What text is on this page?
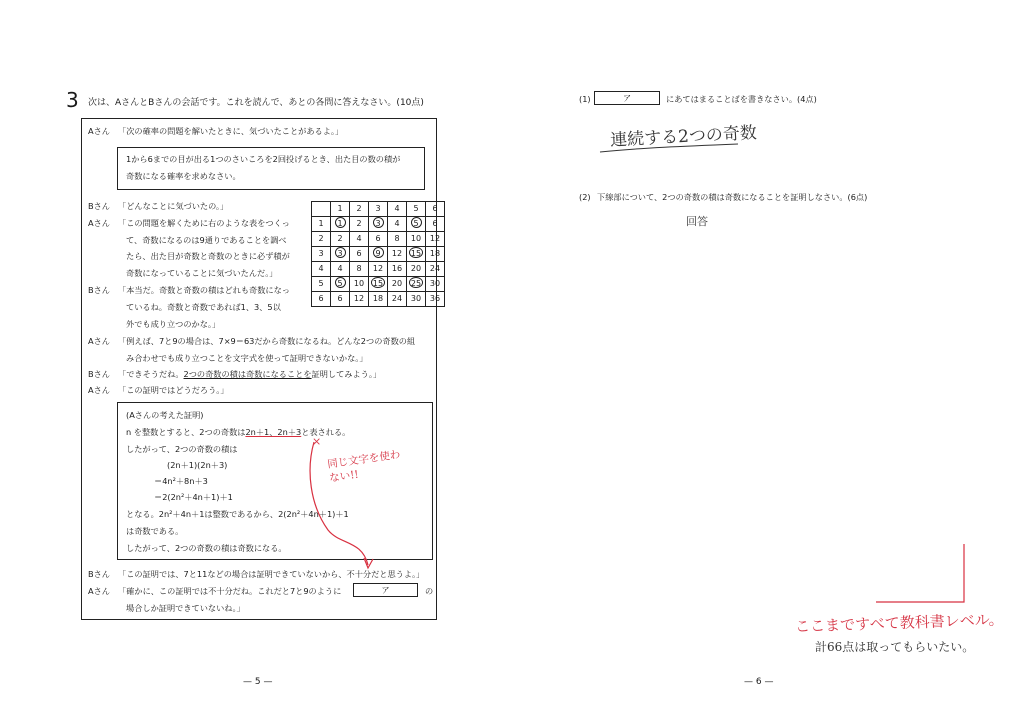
3 次は、AさんとBさんの会話です。これを読んで、あとの各問に答えなさい。(10点)
Aさん 「次の確率の問題を解いたときに、気づいたことがあるよ。」
1から6までの目が出る1つのさいころを2回投げるとき、出た目の数の積が
奇数になる確率を求めなさい。
Bさん 「どんなことに気づいたの。」
Aさん 「この問題を解くために右のような表をつくっ
て、奇数になるのは9通りであることを調べ
たら、出た目が奇数と奇数のときに必ず積が
奇数になっていることに気づいたんだ。」
Bさん 「本当だ。奇数と奇数の積はどれも奇数になっ
ているね。奇数と奇数であれば1、3、5以
外でも成り立つのかな。」
	1	2	3	4	5	6
1	1	2	3	4	5	6
2	2	4	6	8	10	12
3	3	6	9	12	15	18
4	4	8	12	16	20	24
5	5	10	15	20	25	30
6	6	12	18	24	30	36
Aさん 「例えば、7と9の場合は、7×9＝63だから奇数になるね。どんな2つの奇数の組
み合わせでも成り立つことを文字式を使って証明できないかな。」
Bさん 「できそうだね。2つの奇数の積は奇数になることを証明してみよう。」
Aさん 「この証明ではどうだろう。」
(Aさんの考えた証明)
n を整数とすると、2つの奇数は2n＋1、2n＋3と表される。
したがって、2つの奇数の積は
(2n＋1)(2n＋3)
＝4n²＋8n＋3
＝2(2n²＋4n＋1)＋1
となる。2n²＋4n＋1は整数であるから、2(2n²＋4n＋1)＋1
は奇数である。
したがって、2つの奇数の積は奇数になる。
×
同じ文字を使わない!!
Bさん 「この証明では、7と11などの場合は証明できていないから、不十分だと思うよ。」
Aさん 「確かに、この証明では不十分だね。これだと7と9のように	ア	の
場合しか証明できていないね。」
— 5 —
(1)	ア	にあてはまることばを書きなさい。(4点)
連続する2つの奇数
(2) 下線部について、2つの奇数の積は奇数になることを証明しなさい。(6点)
回答
ここまですべて教科書レベル。
計66点は取ってもらいたい。
— 6 —
